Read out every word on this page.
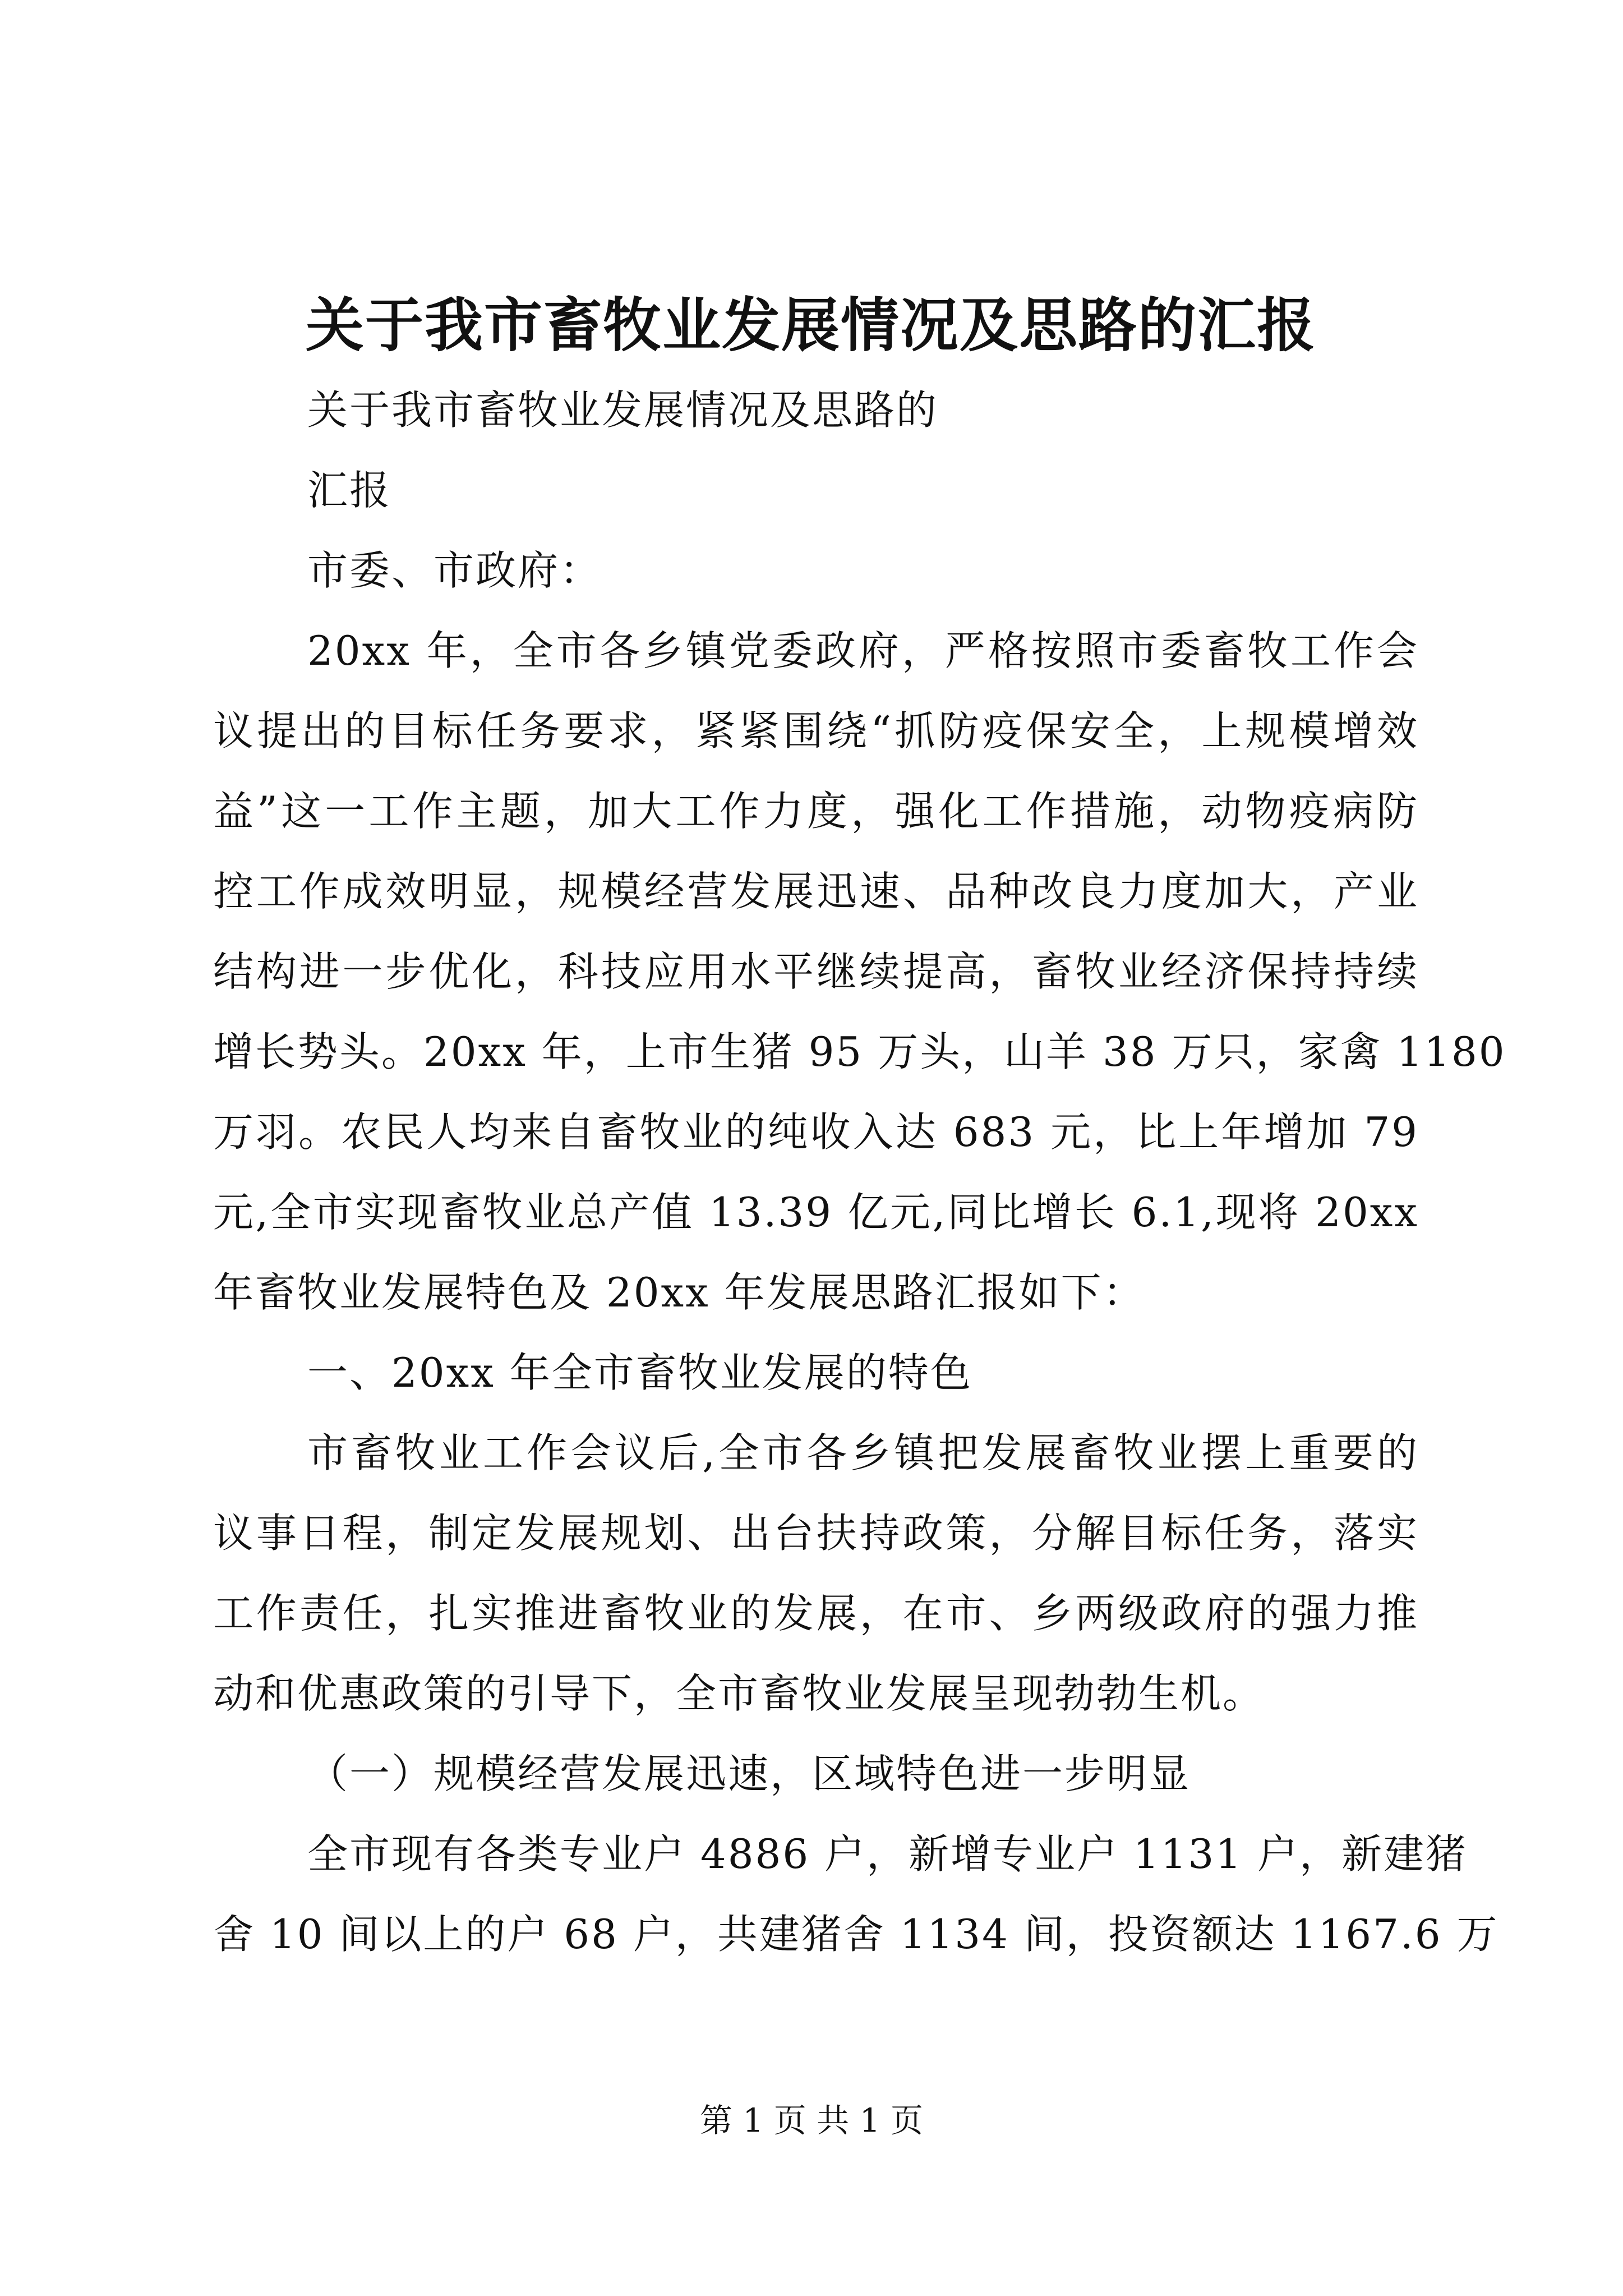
关于我市畜牧业发展情况及思路的汇报

关于我市畜牧业发展情况及思路的

汇报

市委、市政府：

20xx 年，全市各乡镇党委政府，严格按照市委畜牧工作会

议提出的目标任务要求，紧紧围绕“抓防疫保安全，上规模增效

益”这一工作主题，加大工作力度，强化工作措施，动物疫病防

控工作成效明显，规模经营发展迅速、品种改良力度加大，产业

结构进一步优化，科技应用水平继续提高，畜牧业经济保持持续

增长势头。20xx 年，上市生猪 95 万头，山羊 38 万只，家禽 1180

万羽。农民人均来自畜牧业的纯收入达 683 元，比上年增加 79

元,全市实现畜牧业总产值 13.39 亿元,同比增长 6.1,现将 20xx

年畜牧业发展特色及 20xx 年发展思路汇报如下：

一、20xx 年全市畜牧业发展的特色

市畜牧业工作会议后,全市各乡镇把发展畜牧业摆上重要的

议事日程，制定发展规划、出台扶持政策，分解目标任务，落实

工作责任，扎实推进畜牧业的发展，在市、乡两级政府的强力推

动和优惠政策的引导下，全市畜牧业发展呈现勃勃生机。

（一）规模经营发展迅速，区域特色进一步明显

全市现有各类专业户 4886 户，新增专业户 1131 户，新建猪

舍 10 间以上的户 68 户，共建猪舍 1134 间，投资额达 1167.6 万

第 1 页 共 1 页
